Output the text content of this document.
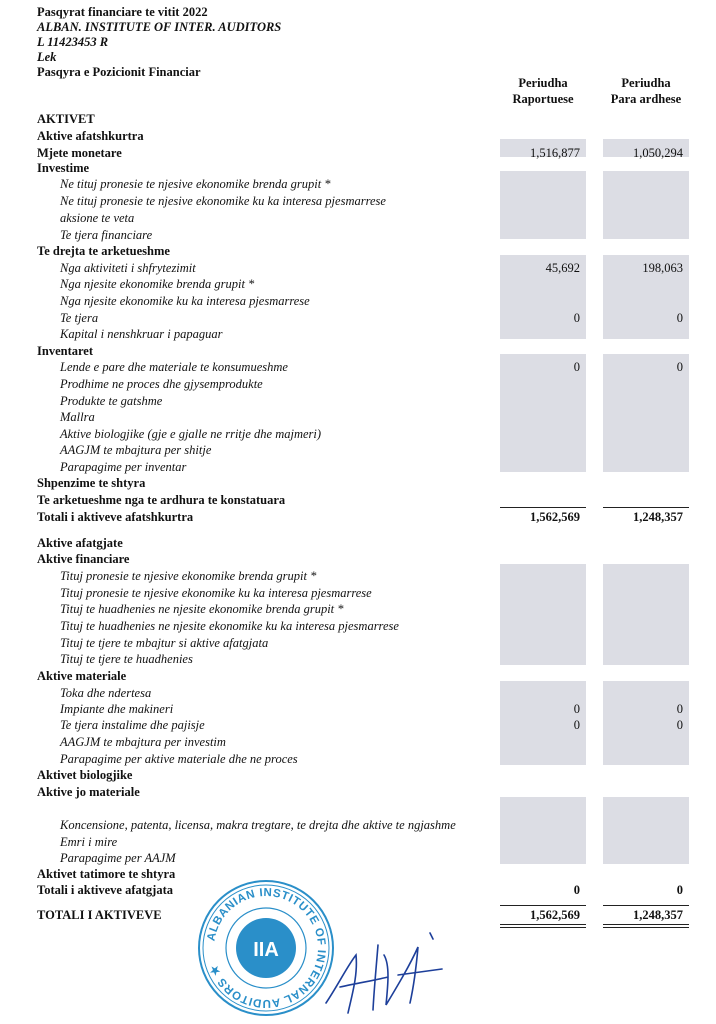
Pasqyrat financiare te vitit 2022
ALBAN. INSTITUTE OF INTER. AUDITORS
L 11423453 R
Lek
Pasqyra e Pozicionit Financiar
Periudha
Raportuese
Periudha
Para ardhese
AKTIVET
Aktive afatshkurtra
Mjete monetare	1,516,877	1,050,294
Investime
Ne tituj pronesie te njesive ekonomike brenda grupit *
Ne tituj pronesie te njesive ekonomike ku ka interesa pjesmarrese
aksione te veta
Te tjera financiare
Te drejta te arketueshme
Nga aktiviteti i shfrytezimit	45,692	198,063
Nga njesite ekonomike brenda grupit *
Nga njesite ekonomike ku ka interesa pjesmarrese
Te tjera	0	0
Kapital i nenshkruar i papaguar
Inventaret
Lende e pare dhe materiale te konsumueshme	0	0
Prodhime ne proces dhe gjysemprodukte
Produkte te gatshme
Mallra
Aktive biologjike (gje e gjalle ne rritje dhe majmeri)
AAGJM te mbajtura per shitje
Parapagime per inventar
Shpenzime te shtyra
Te arketueshme nga te ardhura te konstatuara
Totali i aktiveve afatshkurtra	1,562,569	1,248,357
Aktive afatgjate
Aktive financiare
Tituj pronesie te njesive ekonomike brenda grupit *
Tituj pronesie te njesive ekonomike ku ka interesa pjesmarrese
Tituj te huadhenies ne njesite ekonomike brenda grupit *
Tituj te huadhenies ne njesite ekonomike ku ka interesa pjesmarrese
Tituj te tjere te mbajtur si aktive afatgjata
Tituj te tjere te huadhenies
Aktive materiale
Toka dhe ndertesa
Impiante dhe makineri	0	0
Te tjera instalime dhe pajisje	0	0
AAGJM te mbajtura per investim
Parapagime per aktive materiale dhe ne proces
Aktivet biologjike
Aktive jo materiale
Koncensione, patenta, licensa, makra tregtare, te drejta dhe aktive te ngjashme
Emri i mire
Parapagime per AAJM
Aktivet tatimore te shtyra
Totali i aktiveve afatgjata	0	0
TOTALI I AKTIVEVE	1,562,569	1,248,357
ALBANIAN INSTITUTE OF INTERNAL AUDITORS ★
IIA
